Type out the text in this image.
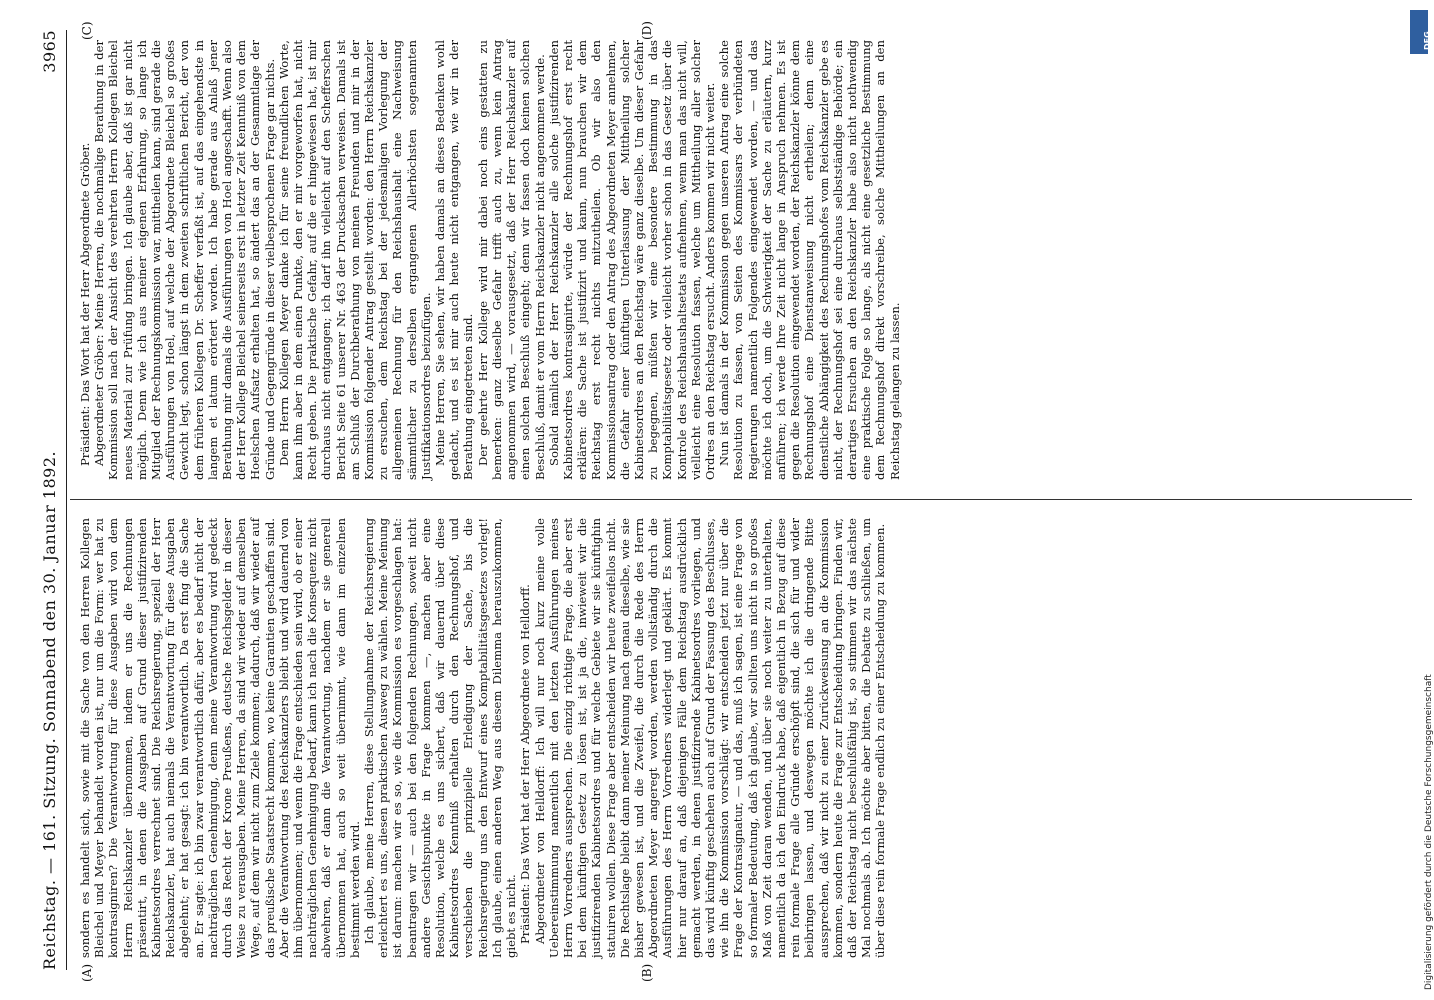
Reichstag. — 161. Sitzung. Sonnabend den 30. Januar 1892.
3965
(A)	(B)
(C)	(D)

sondern es handelt sich, sowie mit die Sache von den Herren Kollegen Bleichel und Meyer behandelt worden ist, nur um die Form: wer hat zu kontrasigniren? Die Verantwortung für diese Ausgaben wird von dem Herrn Reichskanzler übernommen, indem er uns die Rechnungen präsentirt, in denen die Ausgaben auf Grund dieser justifizirenden Kabinetsordres verrechnet sind. Die Reichsregierung, speziell der Herr Reichskanzler, hat auch niemals die Verantwortung für diese Ausgaben abgelehnt; er hat gesagt: ich bin verantwortlich. Da erst fing die Sache an. Er sagte: ich bin zwar verantwortlich dafür, aber es bedarf nicht der nachträglichen Genehmigung, denn meine Verantwortung wird gedeckt durch das Recht der Krone Preußens, deutsche Reichsgelder in dieser Weise zu verausgaben. Meine Herren, da sind wir wieder auf demselben Wege, auf dem wir nicht zum Ziele kommen; dadurch, daß wir wieder auf das preußische Staatsrecht kommen, wo keine Garantien geschaffen sind. Aber die Verantwortung des Reichskanzlers bleibt und wird dauernd von ihm übernommen; und wenn die Frage entschieden sein wird, ob er einer nachträglichen Genehmigung bedarf, kann ich nach die Konsequenz nicht abwehren, daß er dann die Verantwortung, nachdem er sie generell übernommen hat, auch so weit übernimmt, wie dann im einzelnen bestimmt werden wird. Ich glaube, meine Herren, diese Stellungnahme der Reichsregierung erleichtert es uns, diesen praktischen Ausweg zu wählen. Meine Meinung ist darum: machen wir es so, wie die Kommission es vorgeschlagen hat: beantragen wir — auch bei den folgenden Rechnungen, soweit nicht andere Gesichtspunkte in Frage kommen —, machen aber eine Resolution, welche es uns sichert, daß wir dauernd über diese Kabinetsordres Kenntniß erhalten durch den Rechnungshof, und verschieben die prinzipielle Erledigung der Sache, bis die Reichsregierung uns den Entwurf eines Komptabilitätsgesetzes vorlegt! Ich glaube, einen anderen Weg aus diesem Dilemma herauszukommen, giebt es nicht. Präsident: Das Wort hat der Herr Abgeordnete von Helldorff. Abgeordneter von Helldorff: Ich will nur noch kurz meine volle Uebereinstimmung namentlich mit den letzten Ausführungen meines Herrn Vorredners aussprechen. Die einzig richtige Frage, die aber erst bei dem künftigen Gesetz zu lösen ist, ist ja die, inwieweit wir die justifizirenden Kabinetsordres und für welche Gebiete wir sie künftighin statuiren wollen. Diese Frage aber entscheiden wir heute zweifellos nicht. Die Rechtslage bleibt dann meiner Meinung nach genau dieselbe, wie sie bisher gewesen ist, und die Zweifel, die durch die Rede des Herrn Abgeordneten Meyer angeregt worden, werden vollständig durch die Ausführungen des Herrn Vorredners widerlegt und geklärt. Es kommt hier nur darauf an, daß diejenigen Fälle dem Reichstag ausdrücklich gemacht werden, in denen justifizirende Kabinetsordres vorliegen, und das wird künftig geschehen auch auf Grund der Fassung des Beschlusses, wie ihn die Kommission vorschlägt: wir entscheiden jetzt nur über die Frage der Kontrasignatur, — und das, muß ich sagen, ist eine Frage von so formaler Bedeutung, daß ich glaube, wir sollten uns nicht in so großes Maß von Zeit daran wenden, und über sie noch weiter zu unterhalten, namentlich da ich den Eindruck habe, daß eigentlich in Bezug auf diese rein formale Frage alle Gründe erschöpft sind, die sich für und wider beibringen lassen, und deswegen möchte ich die dringende Bitte aussprechen, daß wir nicht zu einer Zurückweisung an die Kommission kommen, sondern heute die Frage zur Entscheidung bringen. Finden wir, daß der Reichstag nicht beschlußfähig ist, so stimmen wir das nächste Mal nochmals ab. Ich möchte aber bitten, die Debatte zu schließen, um über diese rein formale Frage endlich zu einer Entscheidung zu kommen.

Präsident: Das Wort hat der Herr Abgeordnete Gröber. Abgeordneter Gröber: Meine Herren, die nochmalige Berathung in der Kommission soll nach der Ansicht des verehrten Herrn Kollegen Bleichel neues Material zur Prüfung bringen. Ich glaube aber, daß ist gar nicht möglich. Denn wie ich aus meiner eigenen Erfahrung, so lange ich Mitglied der Rechnungskommission war, mittheilen kann, sind gerade die Ausführungen von Hoel, auf welche der Abgeordnete Bleichel so großes Gewicht legt, schon längst in dem zweiten schriftlichen Bericht, der von dem früheren Kollegen Dr. Scheffer verfaßt ist, auf das eingehendste in langem et latum erörtert worden. Ich habe gerade aus Anlaß jener Berathung mir damals die Ausführungen von Hoel angeschafft. Wenn also der Herr Kollege Bleichel seinerseits erst in letzter Zeit Kenntniß von dem Hoelschen Aufsatz erhalten hat, so ändert das an der Gesammtlage der Gründe und Gegengründe in dieser vielbesprochenen Frage gar nichts. Dem Herrn Kollegen Meyer danke ich für seine freundlichen Worte, kann ihm aber in dem einen Punkte, den er mir vorgeworfen hat, nicht Recht geben. Die praktische Gefahr, auf die er hingewiesen hat, ist mir durchaus nicht entgangen; ich darf ihn vielleicht auf den Schefferschen Bericht Seite 61 unserer Nr. 463 der Drucksachen verweisen. Damals ist am Schluß der Durchberathung von meinen Freunden und mir in der Kommission folgender Antrag gestellt worden: den Herrn Reichskanzler zu ersuchen, dem Reichstag bei der jedesmaligen Vorlegung der allgemeinen Rechnung für den Reichshaushalt eine Nachweisung sämmtlicher zu derselben ergangenen Allerhöchsten sogenannten Justifikationsordres beizufügen. Meine Herren, Sie sehen, wir haben damals an dieses Bedenken wohl gedacht, und es ist mir auch heute nicht entgangen, wie wir in der Berathung eingetreten sind. Der geehrte Herr Kollege wird mir dabei noch eins gestatten zu bemerken: ganz dieselbe Gefahr trifft auch zu, wenn kein Antrag angenommen wird, — vorausgesetzt, daß der Herr Reichskanzler auf einen solchen Beschluß eingeht; denn wir fassen doch keinen solchen Beschluß, damit er vom Herrn Reichskanzler nicht angenommen werde. Sobald nämlich der Herr Reichskanzler alle solche justifizirenden Kabinetsordres kontrasignirte, würde der Rechnungshof erst recht erklären: die Sache ist justifizirt und kann, nun brauchen wir dem Reichstag erst recht nichts mitzutheilen. Ob wir also den Kommissionsantrag oder den Antrag des Abgeordneten Meyer annehmen, die Gefahr einer künftigen Unterlassung der Mittheilung solcher Kabinetsordres an den Reichstag wäre ganz dieselbe. Um dieser Gefahr zu begegnen, müßten wir eine besondere Bestimmung in das Komptabilitätsgesetz oder vielleicht vorher schon in das Gesetz über die Kontrole des Reichshaushaltsetats aufnehmen, wenn man das nicht will, vielleicht eine Resolution fassen, welche um Mittheilung aller solcher Ordres an den Reichstag ersucht. Anders kommen wir nicht weiter. Nun ist damals in der Kommission gegen unseren Antrag eine solche Resolution zu fassen, von Seiten des Kommissars der verbündeten Regierungen namentlich Folgendes eingewendet worden, — und das möchte ich doch, um die Schwierigkeit der Sache zu erläutern, kurz anführen; ich werde Ihre Zeit nicht lange in Anspruch nehmen. Es ist gegen die Resolution eingewendet worden, der Reichskanzler könne dem Rechnungshof eine Dienstanweisung nicht ertheilen; denn eine dienstliche Abhängigkeit des Rechnungshofes vom Reichskanzler gebe es nicht, der Rechnungshof sei eine durchaus selbstständige Behörde; ein derartiges Ersuchen an den Reichskanzler habe also nicht nothwendig eine praktische Folge so lange, als nicht eine gesetzliche Bestimmung dem Rechnungshof direkt vorschreibe, solche Mittheilungen an den Reichstag gelangen zu lassen.

DFG
Digitalisierung gefördert durch die Deutsche Forschungsgemeinschaft
